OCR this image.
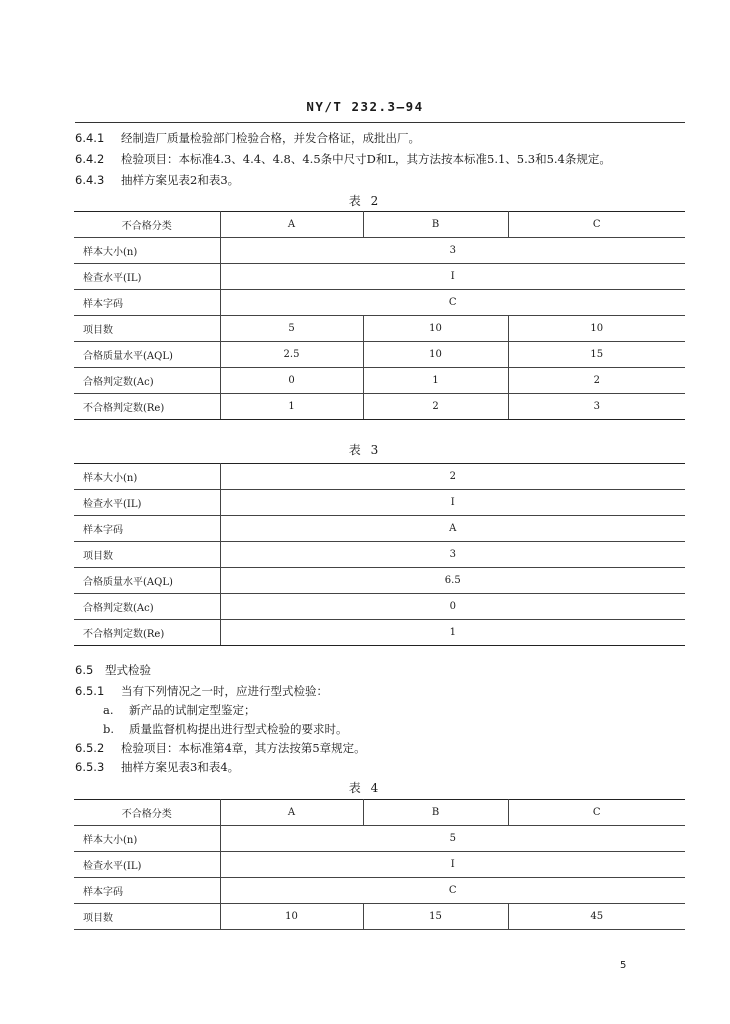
NY/T 232.3—94
6.4.1 经制造厂质量检验部门检验合格，并发合格证，成批出厂。
6.4.2 检验项目：本标准4.3、4.4、4.8、4.5条中尺寸D和L，其方法按本标准5.1、5.3和5.4条规定。
6.4.3 抽样方案见表2和表3。
表 2
不合格分类	A	B	C
样本大小(n)	3		
检查水平(IL)	I		
样本字码	C		
项目数	5	10	10
合格质量水平(AQL)	2.5	10	15
合格判定数(Ac)	0	1	2
不合格判定数(Re)	1	2	3
表 3
样本大小(n)	2
检查水平(IL)	I
样本字码	A
项目数	3
合格质量水平(AQL)	6.5
合格判定数(Ac)	0
不合格判定数(Re)	1
6.5 型式检验
6.5.1 当有下列情况之一时，应进行型式检验：
a. 新产品的试制定型鉴定；
b. 质量监督机构提出进行型式检验的要求时。
6.5.2 检验项目：本标准第4章，其方法按第5章规定。
6.5.3 抽样方案见表3和表4。
表 4
不合格分类	A	B	C
样本大小(n)	5		
检查水平(IL)	I		
样本字码	C		
项目数	10	15	45
5
